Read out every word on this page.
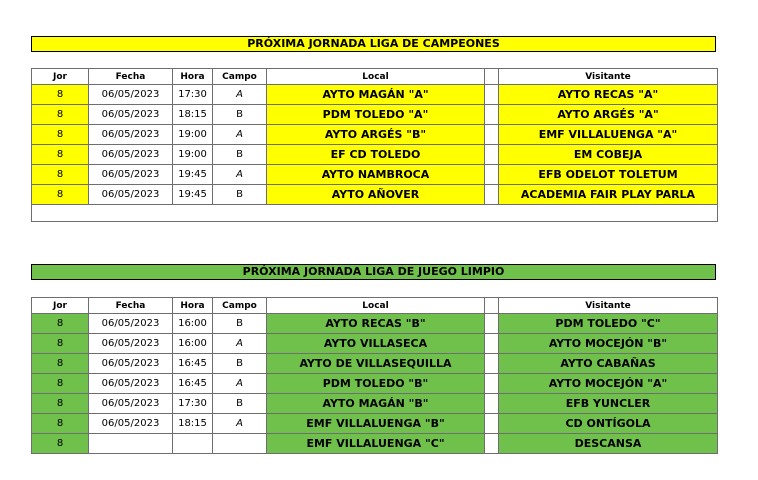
PRÓXIMA JORNADA LIGA DE CAMPEONES
Jor	Fecha	Hora	Campo	Local		Visitante
8	06/05/2023	17:30	A	AYTO MAGÁN "A"		AYTO RECAS "A"
8	06/05/2023	18:15	B	PDM TOLEDO "A"		AYTO ARGÉS "A"
8	06/05/2023	19:00	A	AYTO ARGÉS "B"		EMF VILLALUENGA "A"
8	06/05/2023	19:00	B	EF CD TOLEDO		EM COBEJA
8	06/05/2023	19:45	A	AYTO NAMBROCA		EFB ODELOT TOLETUM
8	06/05/2023	19:45	B	AYTO AÑOVER		ACADEMIA FAIR PLAY PARLA

PRÓXIMA JORNADA LIGA DE JUEGO LIMPIO
Jor	Fecha	Hora	Campo	Local		Visitante
8	06/05/2023	16:00	B	AYTO RECAS "B"		PDM TOLEDO "C"
8	06/05/2023	16:00	A	AYTO VILLASECA		AYTO MOCEJÓN "B"
8	06/05/2023	16:45	B	AYTO DE VILLASEQUILLA		AYTO CABAÑAS
8	06/05/2023	16:45	A	PDM TOLEDO "B"		AYTO MOCEJÓN "A"
8	06/05/2023	17:30	B	AYTO MAGÁN "B"		EFB YUNCLER
8	06/05/2023	18:15	A	EMF VILLALUENGA "B"		CD ONTÍGOLA
8				EMF VILLALUENGA "C"		DESCANSA
